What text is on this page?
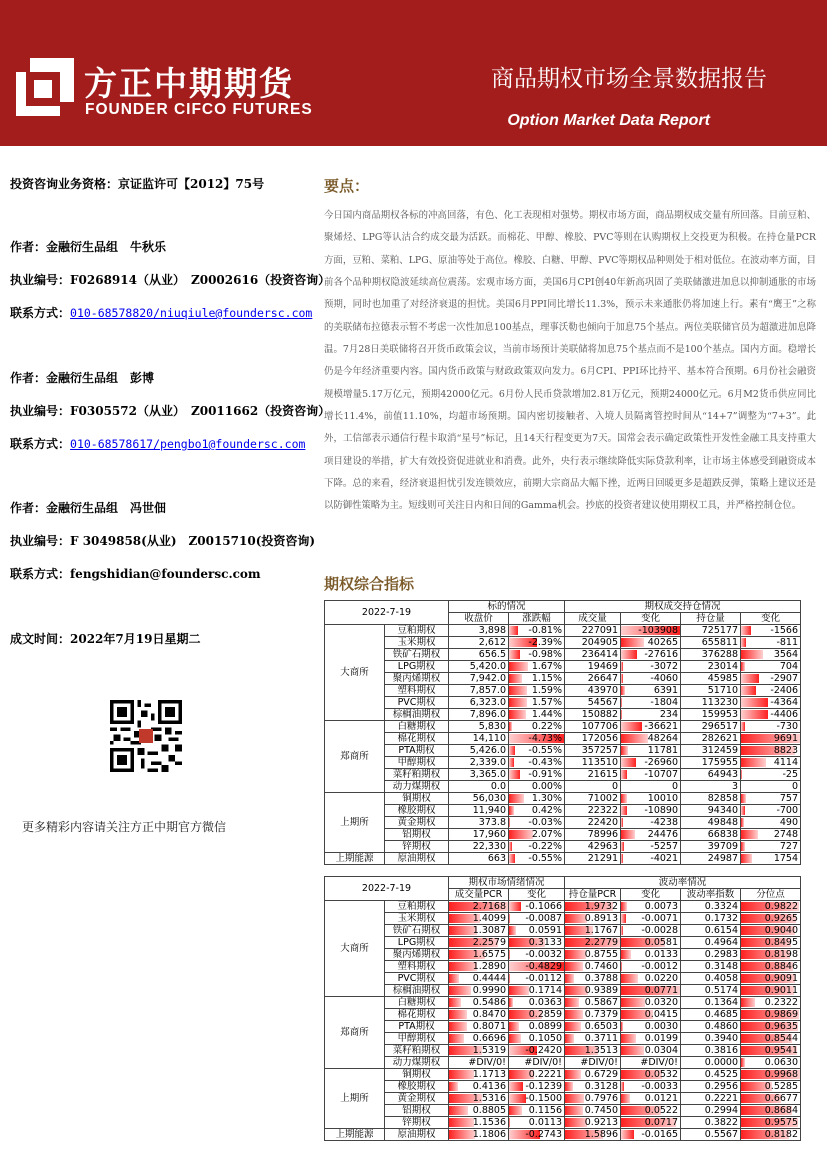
方正中期期货
FOUNDER CIFCO FUTURES
商品期权市场全景数据报告
Option Market Data Report
投资咨询业务资格：京证监许可【2012】75号
作者：金融衍生品组　牛秋乐
执业编号：F0268914（从业）　Z0002616（投资咨询）
联系方式：010-68578820/niuqiule@foundersc.com
作者：金融衍生品组　彭博
执业编号：F0305572（从业）　Z0011662（投资咨询）
联系方式：010-68578617/pengbo1@foundersc.com
作者：金融衍生品组　冯世佃
执业编号：F 3049858(从业)　Z0015710(投资咨询)
联系方式：fengshidian@foundersc.com
成文时间：2022年7月19日星期二
更多精彩内容请关注方正中期官方微信
要点：
今日国内商品期权各标的冲高回落，有色、化工表现相对强势。期权市场方面，商品期权成交量有所回落。目前豆粕、聚烯烃、LPG等认沽合约成交最为活跃。而棉花、甲醇、橡胶、PVC等则在认购期权上交投更为积极。在持仓量PCR方面，豆粕、菜粕、LPG、原油等处于高位。橡胶、白糖、甲醇、PVC等期权品种则处于相对低位。在波动率方面，目前各个品种期权隐波延续高位震荡。宏观市场方面，美国6月CPI创40年新高巩固了美联储激进加息以抑制通胀的市场预期，同时也加重了对经济衰退的担忧。美国6月PPI同比增长11.3%，预示未来通胀仍将加速上行。素有“鹰王”之称的美联储布拉德表示暂不考虑一次性加息100基点，理事沃勒也倾向于加息75个基点。两位美联储官员为超激进加息降温。7月28日美联储将召开货币政策会议，当前市场预计美联储将加息75个基点而不是100个基点。国内方面。稳增长仍是今年经济重要内容。国内货币政策与财政政策双向发力。6月CPI、PPI环比持平、基本符合预期。6月份社会融资规模增量5.17万亿元，预期42000亿元。6月份人民币贷款增加2.81万亿元，预期24000亿元。6月M2货币供应同比增长11.4%，前值11.10%，均超市场预期。国内密切接触者、入境人员隔离管控时间从“14+7”调整为“7+3”。此外，工信部表示通信行程卡取消“星号”标记，且14天行程变更为7天。国常会表示确定政策性开发性金融工具支持重大项目建设的举措，扩大有效投资促进就业和消费。此外，央行表示继续降低实际贷款利率，让市场主体感受到融资成本下降。总的来看，经济衰退担忧引发连锁效应，前期大宗商品大幅下挫，近两日回暖更多是超跌反弹，策略上建议还是以防御性策略为主。短线则可关注日内和日间的Gamma机会。抄底的投资者建议使用期权工具，并严格控制仓位。
期权综合指标
2022-7-19		标的情况		期权成交持仓情况			
		收盘价	涨跌幅	成交量	变化	持仓量	变化
大商所	豆粕期权	3,898	-0.81%	227091	-103908	725177	-1566
	玉米期权	2,612	-2.39%	204905	40265	655811	-811
	铁矿石期权	656.5	-0.98%	236414	-27616	376288	3564
	LPG期权	5,420.0	1.67%	19469	-3072	23014	704
	聚丙烯期权	7,942.0	1.15%	26647	-4060	45985	-2907
	塑料期权	7,857.0	1.59%	43970	6391	51710	-2406
	PVC期权	6,323.0	1.57%	54567	-1804	113230	-4364
	棕榈油期权	7,896.0	1.44%	150882	234	159953	-4406
郑商所	白糖期权	5,830	0.22%	107706	-36621	296517	-730
	棉花期权	14,110	-4.73%	172056	48264	282621	9691
	PTA期权	5,426.0	-0.55%	357257	11781	312459	8823
	甲醇期权	2,339.0	-0.43%	113510	-26960	175955	4114
	菜籽粕期权	3,365.0	-0.91%	21615	-10707	64943	-25
	动力煤期权	0.0	0.00%	0	0	3	0
上期所	铜期权	56,030	1.30%	71002	10010	82858	757
	橡胶期权	11,940	0.42%	22322	-10890	94340	-700
	黄金期权	373.8	-0.03%	22420	-4238	49848	490
	铝期权	17,960	2.07%	78996	24476	66838	2748
	锌期权	22,330	-0.22%	42963	-5257	39709	727
上期能源	原油期权	663	-0.55%	21291	-4021	24987	1754
2022-7-19		期权市场情绪情况		波动率情况			
		成交量PCR	变化	持仓量PCR	变化	波动率指数	分位点
大商所	豆粕期权	2.7168	-0.1066	1.9732	0.0073	0.3324	0.9822
	玉米期权	1.4099	-0.0087	0.8913	-0.0071	0.1732	0.9265
	铁矿石期权	1.3087	0.0591	1.1767	-0.0028	0.6154	0.9040
	LPG期权	2.2579	0.3133	2.2779	0.0581	0.4964	0.8495
	聚丙烯期权	1.6575	-0.0032	0.8755	0.0133	0.2983	0.8198
	塑料期权	1.2890	-0.4829	0.7460	-0.0012	0.3148	0.8846
	PVC期权	0.4444	-0.0112	0.3788	0.0220	0.4058	0.9091
	棕榈油期权	0.9990	0.1714	0.9389	0.0771	0.5174	0.9011
郑商所	白糖期权	0.5486	0.0363	0.5867	0.0320	0.1364	0.2322
	棉花期权	0.8470	0.2859	0.7379	0.0415	0.4685	0.9869
	PTA期权	0.8071	0.0899	0.6503	0.0030	0.4860	0.9635
	甲醇期权	0.6696	0.1050	0.3711	0.0199	0.3940	0.8544
	菜籽粕期权	1.5319	-0.2420	1.3513	0.0304	0.3816	0.9541
	动力煤期权	#DIV/0!	#DIV/0!	#DIV/0!	#DIV/0!	0.0000	0.0630
上期所	铜期权	1.1713	0.2221	0.6729	0.0532	0.4525	0.9968
	橡胶期权	0.4136	-0.1239	0.3128	-0.0033	0.2956	0.5285
	黄金期权	1.5316	-0.1500	0.7976	0.0121	0.2221	0.6677
	铝期权	0.8805	0.1156	0.7450	0.0522	0.2994	0.8684
	锌期权	1.1536	0.0113	0.9213	0.0717	0.3822	0.9575
上期能源	原油期权	1.1806	-0.2743	1.5896	-0.0165	0.5567	0.8182
